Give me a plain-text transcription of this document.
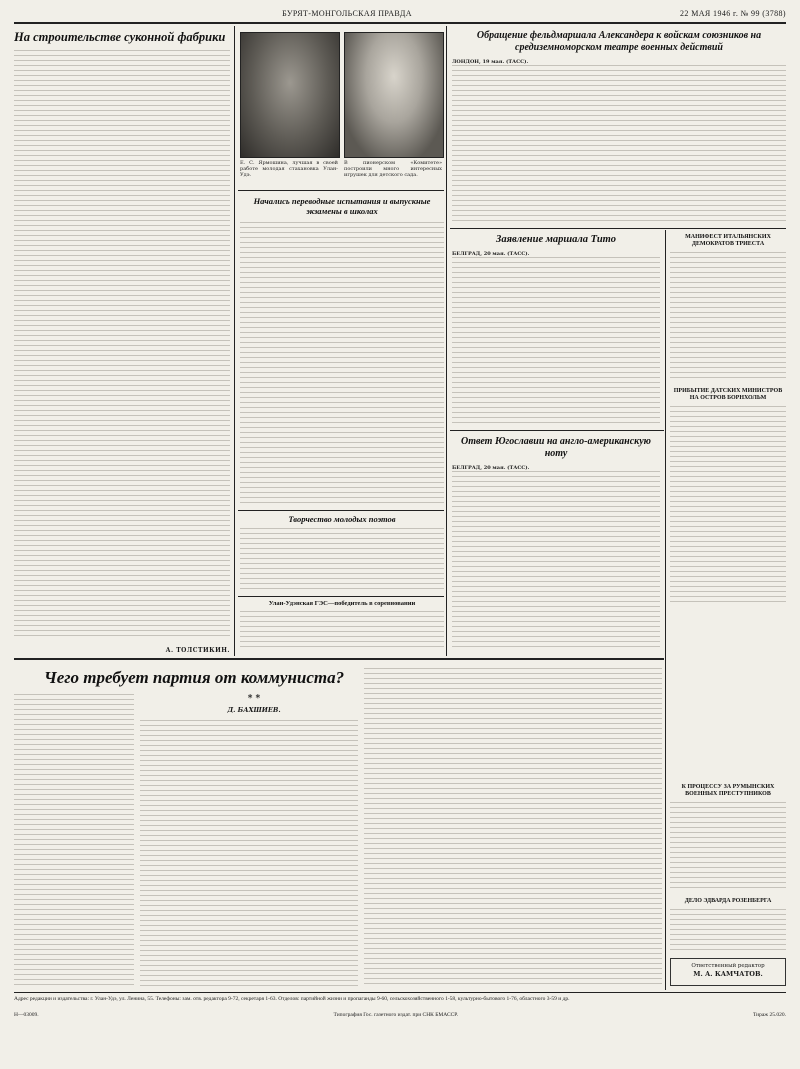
БУРЯТ-МОНГОЛЬСКАЯ ПРАВДА	22 МАЯ 1946 г. № 99 (3788)
На строительстве суконной фабрики
А. ТОЛСТИКИН.
Е. С. Ярмошина, лучшая в своей работе молодая стахановка Улан-Удэ.
В пионерском «Комитете» построили много интересных игрушек для детского сада.
Начались переводные испытания и выпускные экзамены в школах
Творчество молодых поэтов
Улан-Удэнская ГЭС—победитель в соревновании
Обращение фельдмаршала Александера к войскам союзников на средиземноморском театре военных действий
ЛОНДОН, 19 мая. (ТАСС).
Заявление маршала Тито
БЕЛГРАД, 20 мая. (ТАСС).
Ответ Югославии на англо-американскую ноту
БЕЛГРАД, 20 мая. (ТАСС).
МАНИФЕСТ ИТАЛЬЯНСКИХ ДЕМОКРАТОВ ТРИЕСТА
ПРИБЫТИЕ ДАТСКИХ МИНИСТРОВ НА ОСТРОВ БОРНХОЛЬМ
К ПРОЦЕССУ ЗА РУМЫНСКИХ ВОЕННЫХ ПРЕСТУПНИКОВ
ДЕЛО ЭДВАРДА РОЗЕНБЕРГА
Ответственный редактор
М. А. КАМЧАТОВ.
Чего требует партия от коммуниста?
* *
Д. БАХШИЕВ.
Адрес редакции и издательства: г. Улан-Удэ, ул. Ленина, 55. Телефоны: зам. отв. редактора 9-72, секретаря 1-63. Отделов: партийной жизни и пропаганды 9-60, сельскохозяйственного 1-58, культурно-бытового 1-76, областного 3-59 и др.
Н—03009.	Типография Гос. газетного издат. при СНК БМАССР.	Тираж 25.020.
